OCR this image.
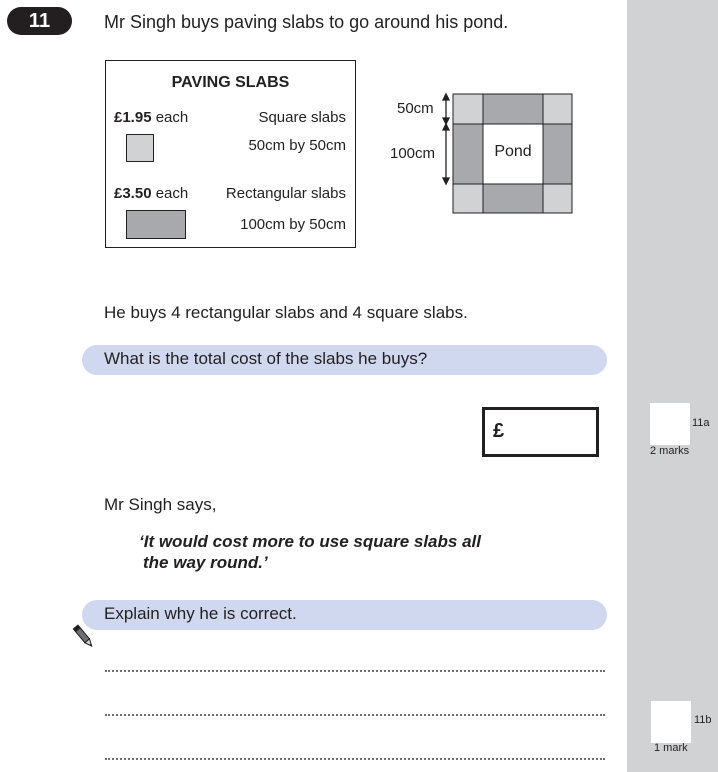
11	Mr Singh buys paving slabs to go around his pond.
PAVING SLABS
£1.95 each	Square slabs
50cm by 50cm
£3.50 each	Rectangular slabs
100cm by 50cm
50cm
100cm	Pond
He buys 4 rectangular slabs and 4 square slabs.
What is the total cost of the slabs he buys?
£	11a
2 marks
Mr Singh says,
‘It would cost more to use square slabs all
the way round.’
Explain why he is correct.
11b
1 mark
